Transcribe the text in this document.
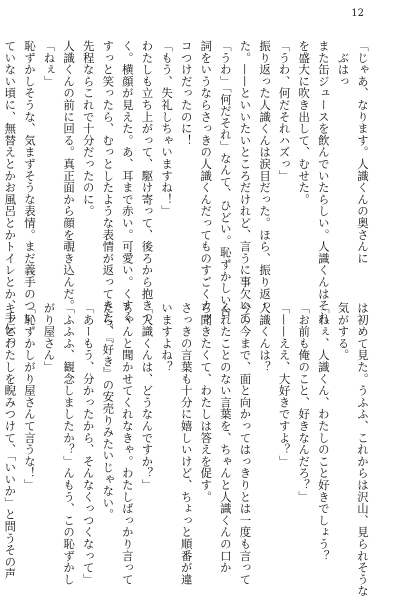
12
「じゃあ、なります。人識くんの奥さんに
　ぶはっ
また缶ジュースを飲んでいたらしい。人識くんはそれ
を盛大に吹き出して、むせた。
「うわ、何だそれハズっ」
振り返った人識くんは涙目だった。ほら、振り返っ
た。——といいたいところだけれど、言うに事欠いて
「うわ」「何だそれ」なんて、ひどい。恥ずかしい台
詞をいうならさっきの人識くんだってものすごくカッ
コつけだったのに！
「もう、失礼しちゃいますね！」
わたしも立ち上がって、駆け寄って、後ろから抱きつ
く。横顔が見えた。あ、耳まで赤い。可愛い。くすく
すっと笑ったら、むっとしたような表情が返ってきた。
先程ならこれで十分だったのに。
人識くんの前に回る。真正面から顔を覗き込んだ。
「ねぇ」
恥ずかしそうな、気まずそうな表情。まだ義手のつい
ていない頃に、無替えとかお風呂とかトイレとか、手伝っ
は初めて見た。うふふ、これからは沢山、見られそうな
気がする。
「ねぇ、人識くん、わたしのこと好きでしょう？
「お前も俺のこと、好きなんだろ？」
「——ええ、大好きですよ？」
人識くんは？
今の今まで、面と向かってはっきりとは一度も言って
くれたことのない言葉を、ちゃんと人識くんの口か
ら聞きたくて、わたしは答えを促す。
さっきの言葉も十分に嬉しいけど、ちょっと順番が違
いますよね？
「人識くんは、どうなんですか？」
ちゃんと聞かせてくれなきゃ。わたしばっかり言って
たら、『好き』の安売りみたいじゃない。
「あーもう、分かったから、そんなくっつくなって」
「ふふふ、観念しましたか？」んもう、この恥ずかし
がり屋さん」
「恥ずかしがり屋さんて言うな！」
キッとわたしを睨みつけて、「いいか」と問うその声
